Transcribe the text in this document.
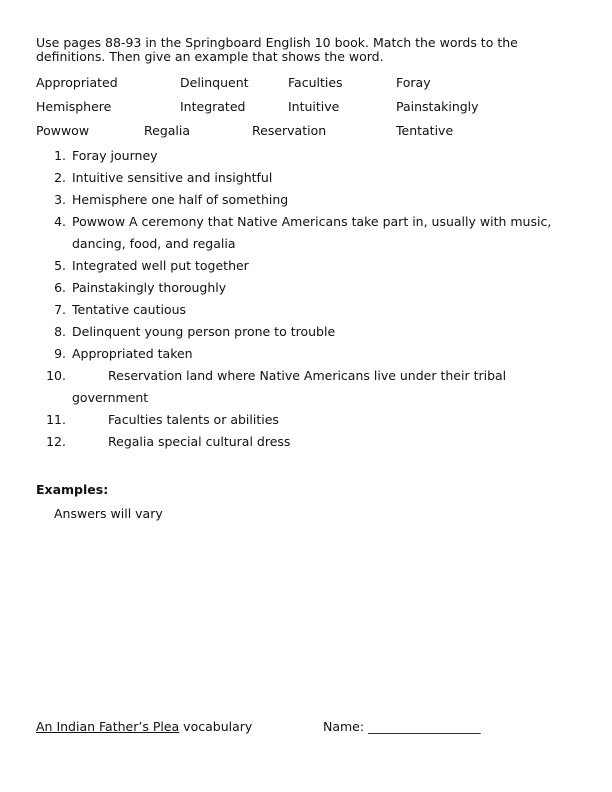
Use pages 88-93 in the Springboard English 10 book. Match the words to the definitions. Then give an example that shows the word.

Appropriated	Delinquent	Faculties	Foray
Hemisphere	Integrated	Intuitive	Painstakingly
Powwow	Regalia	Reservation	Tentative
1. Foray journey
2. Intuitive sensitive and insightful
3. Hemisphere one half of something
4. Powwow A ceremony that Native Americans take part in, usually with music,
dancing, food, and regalia
5. Integrated well put together
6. Painstakingly thoroughly
7. Tentative cautious
8. Delinquent young person prone to trouble
9. Appropriated taken
10.	Reservation land where Native Americans live under their tribal
government
11.	Faculties talents or abilities
12.	Regalia special cultural dress
Examples:
Answers will vary
An Indian Father’s Plea vocabulary	Name: __________________
